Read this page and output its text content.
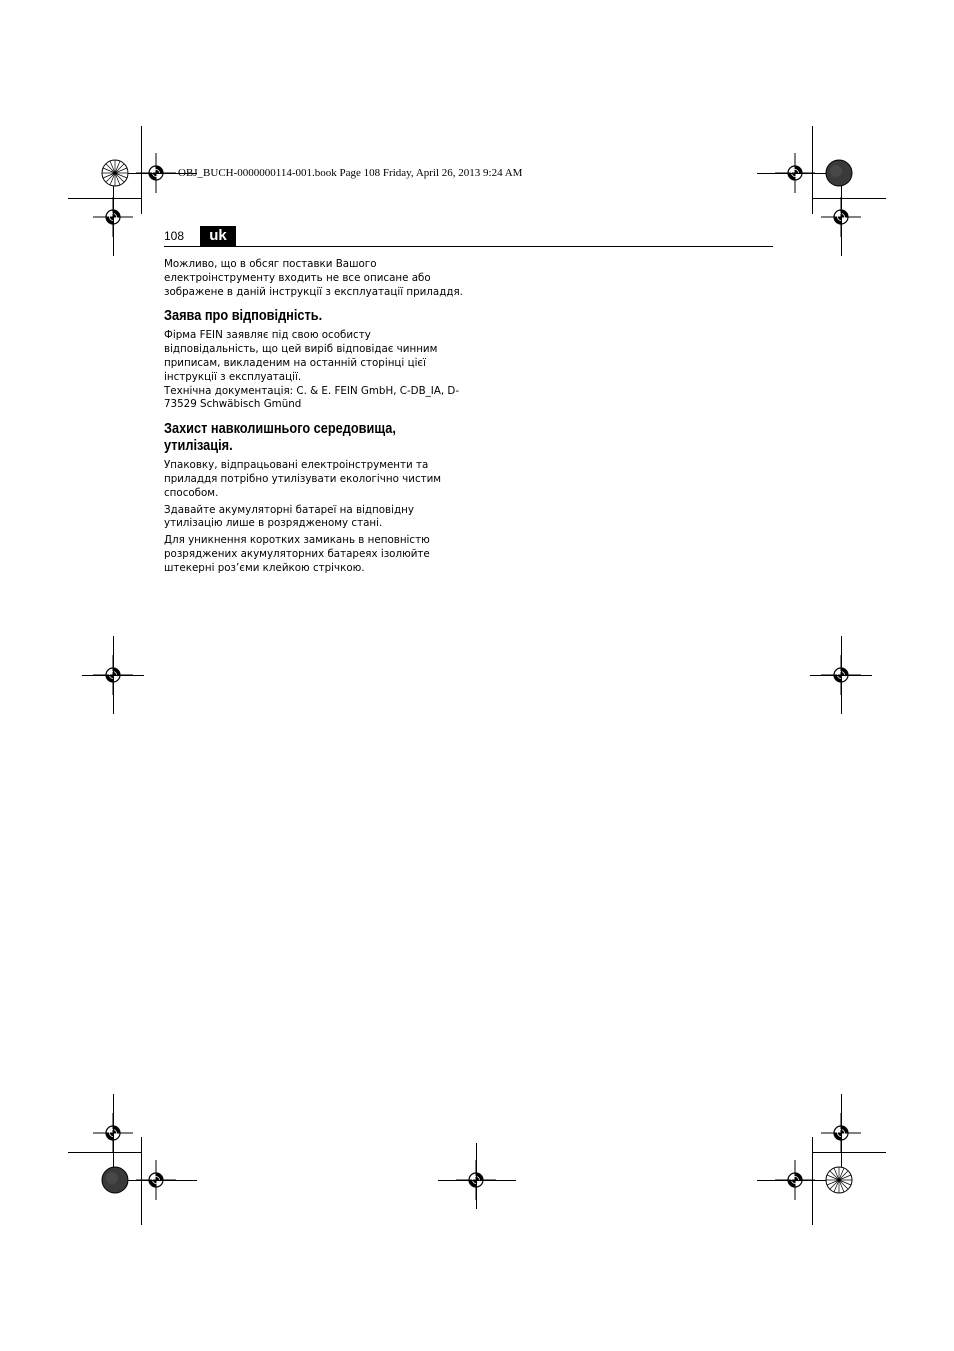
OBJ_BUCH-0000000114-001.book Page 108 Friday, April 26, 2013 9:24 AM
108	uk

Можливо, що в обсяг поставки Вашого електроінструменту входить не все описане або зображене в даній інструкції з експлуатації приладдя.

Заява про відповідність.

Фірма FEIN заявляє під свою особисту відповідальність, що цей виріб відповідає чинним приписам, викладеним на останній сторінці цієї інструкції з експлуатації.

Технічна документація: C. & E. FEIN GmbH, C-DB_IA, D-73529 Schwäbisch Gmünd

Захист навколишнього середовища, утилізація.

Упаковку, відпрацьовані електроінструменти та приладдя потрібно утилізувати екологічно чистим способом.

Здавайте акумуляторні батареї на відповідну утилізацію лише в розрядженому стані.

Для уникнення коротких замикань в неповністю розряджених акумуляторних батареях ізолюйте штекерні розʼєми клейкою стрічкою.
